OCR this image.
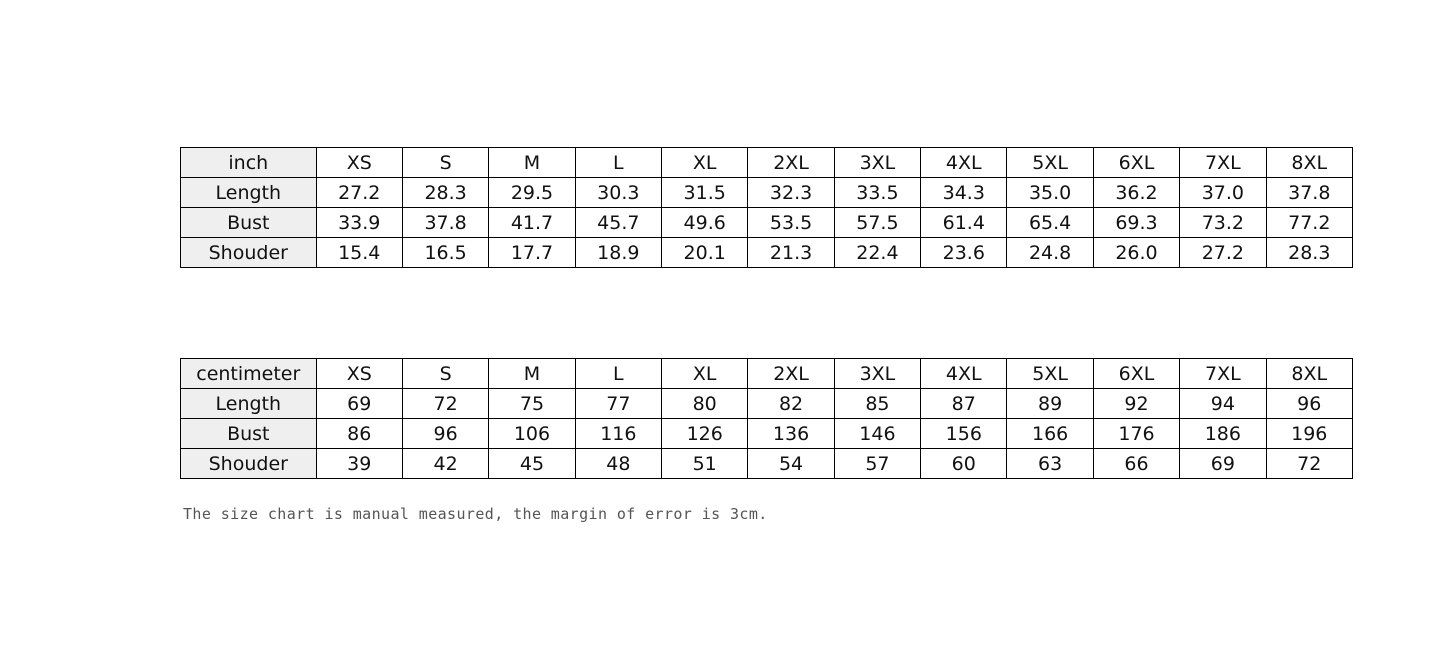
inch	XS	S	M	L	XL	2XL	3XL	4XL	5XL	6XL	7XL	8XL
Length	27.2	28.3	29.5	30.3	31.5	32.3	33.5	34.3	35.0	36.2	37.0	37.8
Bust	33.9	37.8	41.7	45.7	49.6	53.5	57.5	61.4	65.4	69.3	73.2	77.2
Shouder	15.4	16.5	17.7	18.9	20.1	21.3	22.4	23.6	24.8	26.0	27.2	28.3
centimeter	XS	S	M	L	XL	2XL	3XL	4XL	5XL	6XL	7XL	8XL
Length	69	72	75	77	80	82	85	87	89	92	94	96
Bust	86	96	106	116	126	136	146	156	166	176	186	196
Shouder	39	42	45	48	51	54	57	60	63	66	69	72
The size chart is manual measured, the margin of error is 3cm.
